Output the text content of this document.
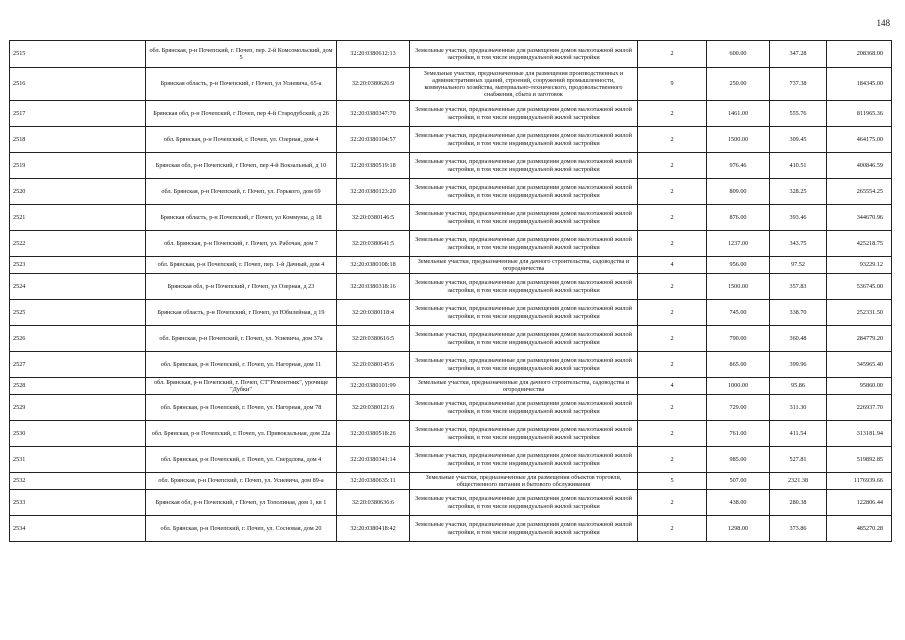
148
2515	обл. Брянская, р-н Почепский, г. Почеп, пер. 2-й Комсомольский, дом 5	32:20:0380612:13	Земельные участки, предназначенные для размещения домов малоэтажной жилой застройки, в том числе индивидуальной жилой застройки	2	600.00	347.28	208368.00
2516	Брянская область, р-н Почепский, г Почеп, ул Усиевича, 65-а	32:20:0380626:9	Земельные участки, предназначенные для размещения производственных и административных зданий, строений, сооружений промышленности, коммунального хозяйства, материально-технического, продовольственного снабжения, сбыта и заготовок	9	250.00	737.38	184345.00
2517	Брянская обл, р-н Почепский, г Почеп, пер 4-й Стародубский, д 26	32:20:0380347:70	Земельные участки, предназначенные для размещения домов малоэтажной жилой застройки, в том числе индивидуальной жилой застройки	2	1461.00	555.76	811965.36
2518	обл. Брянская, р-н Почепский, г. Почеп, ул. Озерная, дом 4	32:20:0380104:57	Земельные участки, предназначенные для размещения домов малоэтажной жилой застройки, в том числе индивидуальной жилой застройки	2	1500.00	309.45	464175.00
2519	Брянская обл, р-н Почепский, г Почеп, пер 4-й Вокзальный, д 10	32:20:0380519:18	Земельные участки, предназначенные для размещения домов малоэтажной жилой застройки, в том числе индивидуальной жилой застройки	2	976.46	410.51	400846.59
2520	обл. Брянская, р-н Почепский, г. Почеп, ул. Горького, дом 69	32:20:0380123:20	Земельные участки, предназначенные для размещения домов малоэтажной жилой застройки, в том числе индивидуальной жилой застройки	2	809.00	328.25	265554.25
2521	Брянская область, р-н Почепский, г Почеп, ул Коммуны, д 18	32:20:0380146:5	Земельные участки, предназначенные для размещения домов малоэтажной жилой застройки, в том числе индивидуальной жилой застройки	2	876.00	393.46	344670.96
2522	обл. Брянская, р-н Почепский, г. Почеп, ул. Рабочая, дом 7	32:20:0380641:5	Земельные участки, предназначенные для размещения домов малоэтажной жилой застройки, в том числе индивидуальной жилой застройки	2	1237.00	343.75	425218.75
2523	обл. Брянская, р-н Почепский, г. Почеп, пер. 1-й Дачный, дом 4	32:20:0380108:18	Земельные участки, предназначенные для дачного строительства, садоводства и огородничества	4	956.00	97.52	93229.12
2524	Брянская обл, р-н Почепский, г Почеп, ул Озерная, д 23	32:20:0380318:16	Земельные участки, предназначенные для размещения домов малоэтажной жилой застройки, в том числе индивидуальной жилой застройки	2	1500.00	357.83	536745.00
2525	Брянская область, р-н Почепский, г Почеп, ул Юбилейная, д 19	32:20:0380118:4	Земельные участки, предназначенные для размещения домов малоэтажной жилой застройки, в том числе индивидуальной жилой застройки	2	745.00	338.70	252331.50
2526	обл. Брянская, р-н Почепский, г. Почеп, ул. Усиевича, дом 37а	32:20:0380616:5	Земельные участки, предназначенные для размещения домов малоэтажной жилой застройки, в том числе индивидуальной жилой застройки	2	790.00	360.48	284779.20
2527	обл. Брянская, р-н Почепский, г. Почеп, ул. Нагорная, дом 11	32:20:0380145:6	Земельные участки, предназначенные для размещения домов малоэтажной жилой застройки, в том числе индивидуальной жилой застройки	2	865.00	399.96	345965.40
2528	обл. Брянская, р-н Почепский, г. Почеп, СТ"Ремонтник", урочище "Дубки"	32:20:0380101:99	Земельные участки, предназначенные для дачного строительства, садоводства и огородничества	4	1000.00	95.86	95860.00
2529	обл. Брянская, р-н Почепский, г. Почеп, ул. Нагорная, дом 78	32:20:0380121:6	Земельные участки, предназначенные для размещения домов малоэтажной жилой застройки, в том числе индивидуальной жилой застройки	2	729.00	311.30	226937.70
2530	обл. Брянская, р-н Почепский, г. Почеп, ул. Привокзальная, дом 22а	32:20:0380518:26	Земельные участки, предназначенные для размещения домов малоэтажной жилой застройки, в том числе индивидуальной жилой застройки	2	761.00	411.54	313181.94
2531	обл. Брянская, р-н Почепский, г. Почеп, ул. Свердлова, дом 4	32:20:0380341:14	Земельные участки, предназначенные для размещения домов малоэтажной жилой застройки, в том числе индивидуальной жилой застройки	2	985.00	527.81	519892.85
2532	обл. Брянская, р-н Почепский, г. Почеп, ул. Усиевича, дом 89-а	32:20:0380635:11	Земельные участки, предназначенные для размещения объектов торговли, общественного питания и бытового обслуживания	5	507.00	2321.38	1176939.66
2533	Брянская обл, р-н Почепский, г Почеп, ул Тополиная, дом 1, кв 1	32:20:0380636:6	Земельные участки, предназначенные для размещения домов малоэтажной жилой застройки, в том числе индивидуальной жилой застройки	2	438.00	280.38	122806.44
2534	обл. Брянская, р-н Почепский, г. Почеп, ул. Сосновая, дом 20	32:20:0380418:42	Земельные участки, предназначенные для размещения домов малоэтажной жилой застройки, в том числе индивидуальной жилой застройки	2	1298.00	373.86	485270.28
